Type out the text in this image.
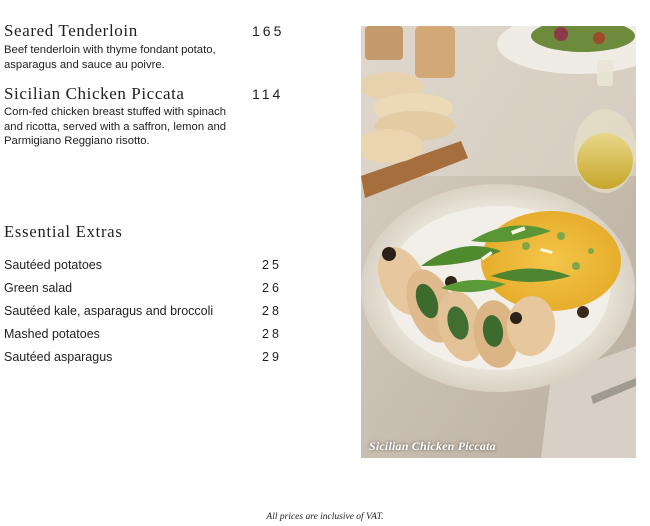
Seared Tenderloin	165
Beef tenderloin with thyme fondant potato, asparagus and sauce au poivre.
Sicilian Chicken Piccata	114
Corn-fed chicken breast stuffed with spinach and ricotta, served with a saffron, lemon and Parmigiano Reggiano risotto.
Essential Extras
Sautéed potatoes	25
Green salad	26
Sautéed kale, asparagus and broccoli	28
Mashed potatoes	28
Sautéed asparagus	29
Sicilian Chicken Piccata
All prices are inclusive of VAT.
